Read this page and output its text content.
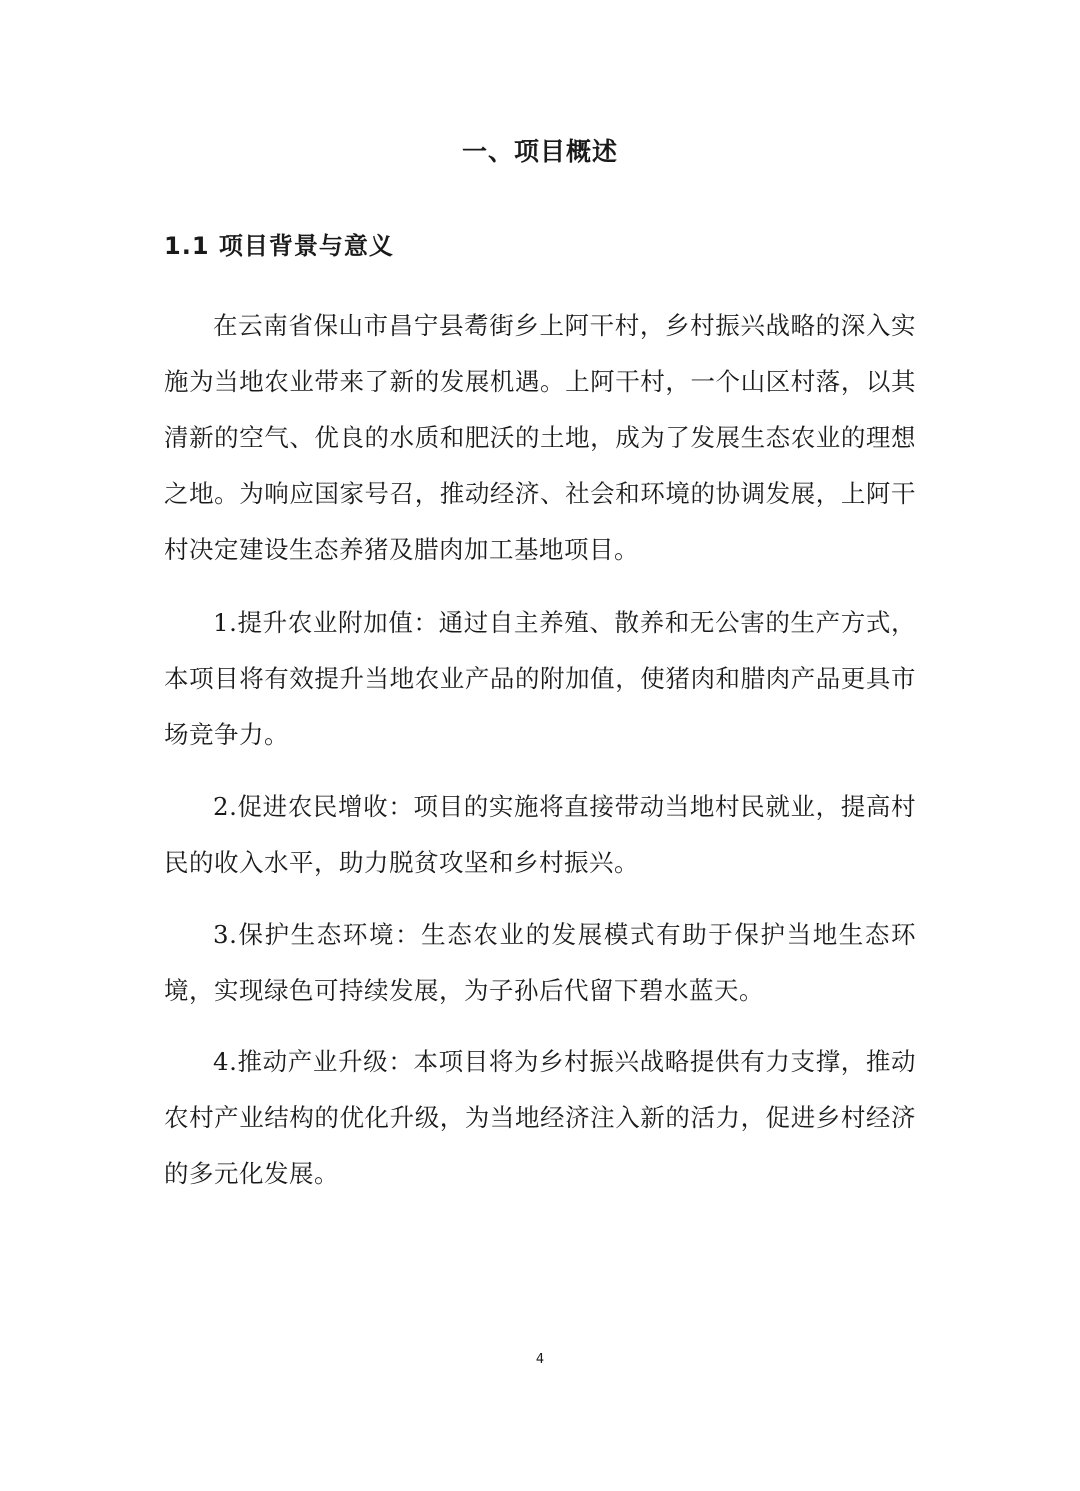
一、项目概述
1.1 项目背景与意义

在云南省保山市昌宁县耈街乡上阿干村，乡村振兴战略的深入实施为当地农业带来了新的发展机遇。上阿干村，一个山区村落，以其清新的空气、优良的水质和肥沃的土地，成为了发展生态农业的理想之地。为响应国家号召，推动经济、社会和环境的协调发展，上阿干村决定建设生态养猪及腊肉加工基地项目。

1.提升农业附加值：通过自主养殖、散养和无公害的生产方式，本项目将有效提升当地农业产品的附加值，使猪肉和腊肉产品更具市场竞争力。

2.促进农民增收：项目的实施将直接带动当地村民就业，提高村民的收入水平，助力脱贫攻坚和乡村振兴。

3.保护生态环境：生态农业的发展模式有助于保护当地生态环境，实现绿色可持续发展，为子孙后代留下碧水蓝天。

4.推动产业升级：本项目将为乡村振兴战略提供有力支撑，推动农村产业结构的优化升级，为当地经济注入新的活力，促进乡村经济的多元化发展。

4
